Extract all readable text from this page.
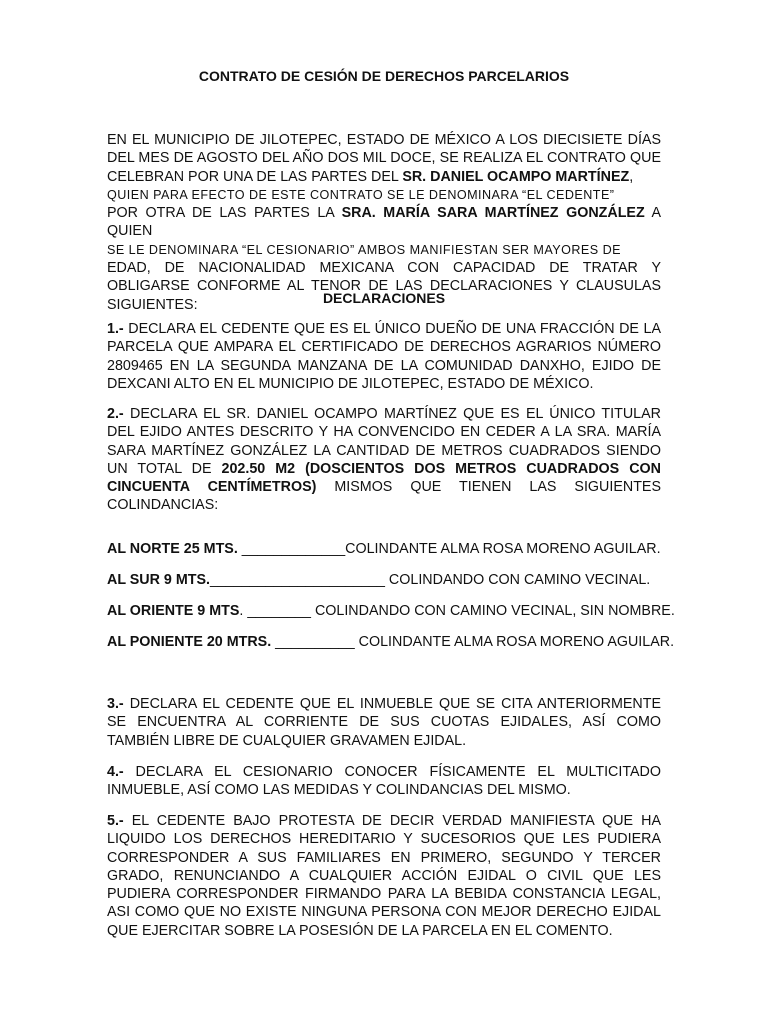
CONTRATO DE CESIÓN DE DERECHOS PARCELARIOS
EN EL MUNICIPIO DE JILOTEPEC, ESTADO DE MÉXICO A LOS DIECISIETE DÍAS DEL MES DE AGOSTO DEL AÑO DOS MIL DOCE, SE REALIZA EL CONTRATO QUE CELEBRAN POR UNA DE LAS PARTES DEL SR. DANIEL OCAMPO MARTÍNEZ,
QUIEN PARA EFECTO DE ESTE CONTRATO SE LE DENOMINARA “EL CEDENTE”
POR OTRA DE LAS PARTES LA SRA. MARÍA SARA MARTÍNEZ GONZÁLEZ A QUIEN
SE LE DENOMINARA “EL CESIONARIO” AMBOS MANIFIESTAN SER MAYORES DE
EDAD, DE NACIONALIDAD MEXICANA CON CAPACIDAD DE TRATAR Y OBLIGARSE CONFORME AL TENOR DE LAS DECLARACIONES Y CLAUSULAS SIGUIENTES:	DECLARACIONES
1.- DECLARA EL CEDENTE QUE ES EL ÚNICO DUEÑO DE UNA FRACCIÓN DE LA PARCELA QUE AMPARA EL CERTIFICADO DE DERECHOS AGRARIOS NÚMERO 2809465 EN LA SEGUNDA MANZANA DE LA COMUNIDAD DANXHO, EJIDO DE DEXCANI ALTO EN EL MUNICIPIO DE JILOTEPEC, ESTADO DE MÉXICO.
2.- DECLARA EL SR. DANIEL OCAMPO MARTÍNEZ QUE ES EL ÚNICO TITULAR DEL EJIDO ANTES DESCRITO Y HA CONVENCIDO EN CEDER A LA SRA. MARÍA SARA MARTÍNEZ GONZÁLEZ LA CANTIDAD DE METROS CUADRADOS SIENDO UN TOTAL DE 202.50 M2 (DOSCIENTOS DOS METROS CUADRADOS CON CINCUENTA CENTÍMETROS) MISMOS QUE TIENEN LAS SIGUIENTES COLINDANCIAS:
AL NORTE 25 MTS. _____________COLINDANTE ALMA ROSA MORENO AGUILAR.
AL SUR 9 MTS.______________________ COLINDANDO CON CAMINO VECINAL.
AL ORIENTE 9 MTS. ________ COLINDANDO CON CAMINO VECINAL, SIN NOMBRE.
AL PONIENTE 20 MTRS. __________ COLINDANTE ALMA ROSA MORENO AGUILAR.
3.- DECLARA EL CEDENTE QUE EL INMUEBLE QUE SE CITA ANTERIORMENTE SE ENCUENTRA AL CORRIENTE DE SUS CUOTAS EJIDALES, ASÍ COMO TAMBIÉN LIBRE DE CUALQUIER GRAVAMEN EJIDAL.
4.- DECLARA EL CESIONARIO CONOCER FÍSICAMENTE EL MULTICITADO INMUEBLE, ASÍ COMO LAS MEDIDAS Y COLINDANCIAS DEL MISMO.
5.- EL CEDENTE BAJO PROTESTA DE DECIR VERDAD MANIFIESTA QUE HA LIQUIDO LOS DERECHOS HEREDITARIO Y SUCESORIOS QUE LES PUDIERA CORRESPONDER A SUS FAMILIARES EN PRIMERO, SEGUNDO Y TERCER GRADO, RENUNCIANDO A CUALQUIER ACCIÓN EJIDAL O CIVIL QUE LES PUDIERA CORRESPONDER FIRMANDO PARA LA BEBIDA CONSTANCIA LEGAL, ASI COMO QUE NO EXISTE NINGUNA PERSONA CON MEJOR DERECHO EJIDAL QUE EJERCITAR SOBRE LA POSESIÓN DE LA PARCELA EN EL COMENTO.
